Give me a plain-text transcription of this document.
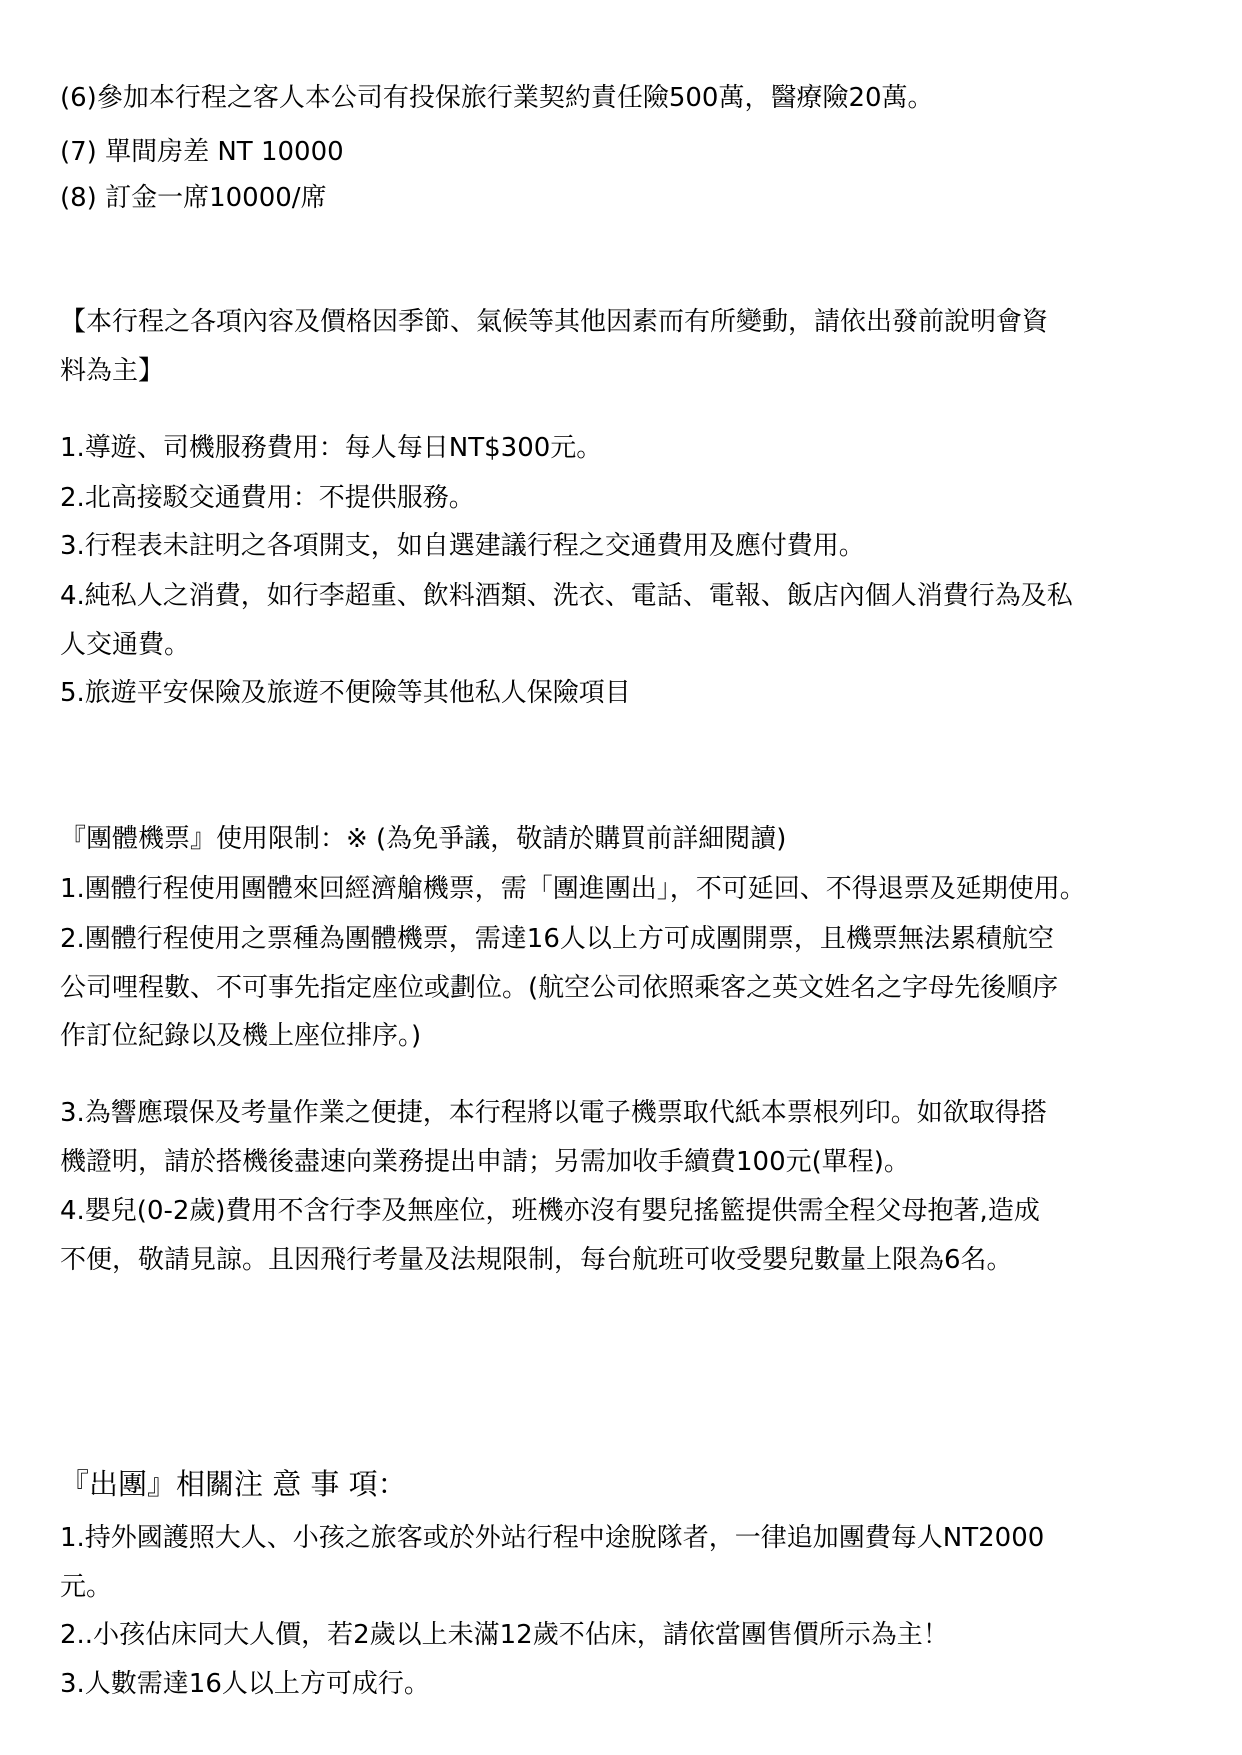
(6)參加本行程之客人本公司有投保旅行業契約責任險500萬，醫療險20萬。
(7) 單間房差 NT 10000
(8) 訂金一席10000/席
【本行程之各項內容及價格因季節、氣候等其他因素而有所變動，請依出發前說明會資
料為主】
1.導遊、司機服務費用：每人每日NT$300元。
2.北高接駁交通費用：不提供服務。
3.行程表未註明之各項開支，如自選建議行程之交通費用及應付費用。
4.純私人之消費，如行李超重、飲料酒類、洗衣、電話、電報、飯店內個人消費行為及私
人交通費。
5.旅遊平安保險及旅遊不便險等其他私人保險項目
『團體機票』使用限制：※ (為免爭議，敬請於購買前詳細閱讀)
1.團體行程使用團體來回經濟艙機票，需「團進團出」，不可延回、不得退票及延期使用。
2.團體行程使用之票種為團體機票，需達16人以上方可成團開票，且機票無法累積航空
公司哩程數、不可事先指定座位或劃位。(航空公司依照乘客之英文姓名之字母先後順序
作訂位紀錄以及機上座位排序。)
3.為響應環保及考量作業之便捷，本行程將以電子機票取代紙本票根列印。如欲取得搭
機證明，請於搭機後盡速向業務提出申請；另需加收手續費100元(單程)。
4.嬰兒(0-2歲)費用不含行李及無座位，班機亦沒有嬰兒搖籃提供需全程父母抱著,造成
不便，敬請見諒。且因飛行考量及法規限制，每台航班可收受嬰兒數量上限為6名。
『出團』相關注 意 事 項：
1.持外國護照大人、小孩之旅客或於外站行程中途脫隊者，一律追加團費每人NT2000
元。
2..小孩佔床同大人價，若2歲以上未滿12歲不佔床，請依當團售價所示為主！
3.人數需達16人以上方可成行。
